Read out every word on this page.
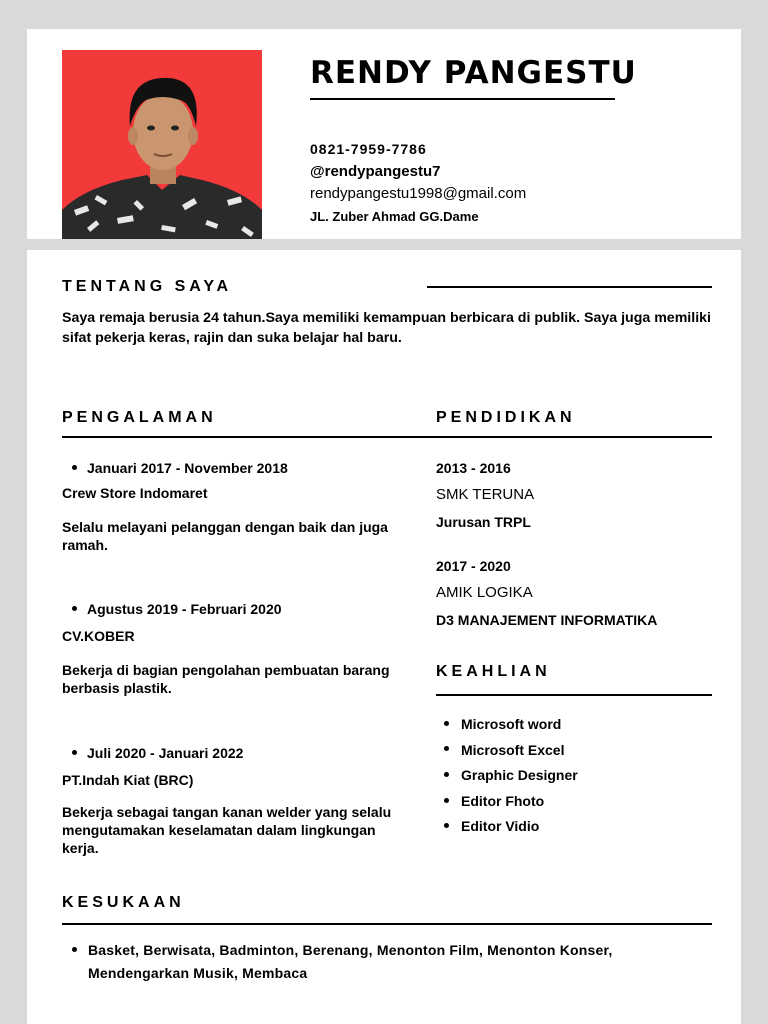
RENDY PANGESTU
0821-7959-7786
@rendypangestu7
rendypangestu1998@gmail.com
JL. Zuber Ahmad GG.Dame
TENTANG SAYA
Saya remaja berusia 24 tahun.Saya memiliki kemampuan berbicara di publik. Saya juga memiliki sifat pekerja keras, rajin dan suka belajar hal baru.
PENGALAMAN	PENDIDIKAN
Januari 2017 - November 2018
Crew Store Indomaret
Selalu melayani pelanggan dengan baik dan juga ramah.
Agustus 2019 - Februari 2020
CV.KOBER
Bekerja di bagian pengolahan pembuatan barang berbasis plastik.
Juli 2020 - Januari 2022
PT.Indah Kiat (BRC)
Bekerja sebagai tangan kanan welder yang selalu mengutamakan keselamatan dalam lingkungan kerja.
2013 - 2016
SMK TERUNA
Jurusan TRPL
2017 - 2020
AMIK LOGIKA
D3 MANAJEMENT INFORMATIKA
KEAHLIAN
Microsoft word
Microsoft Excel
Graphic Designer
Editor Fhoto
Editor Vidio
KESUKAAN
Basket, Berwisata, Badminton, Berenang, Menonton Film, Menonton Konser, Mendengarkan Musik, Membaca
